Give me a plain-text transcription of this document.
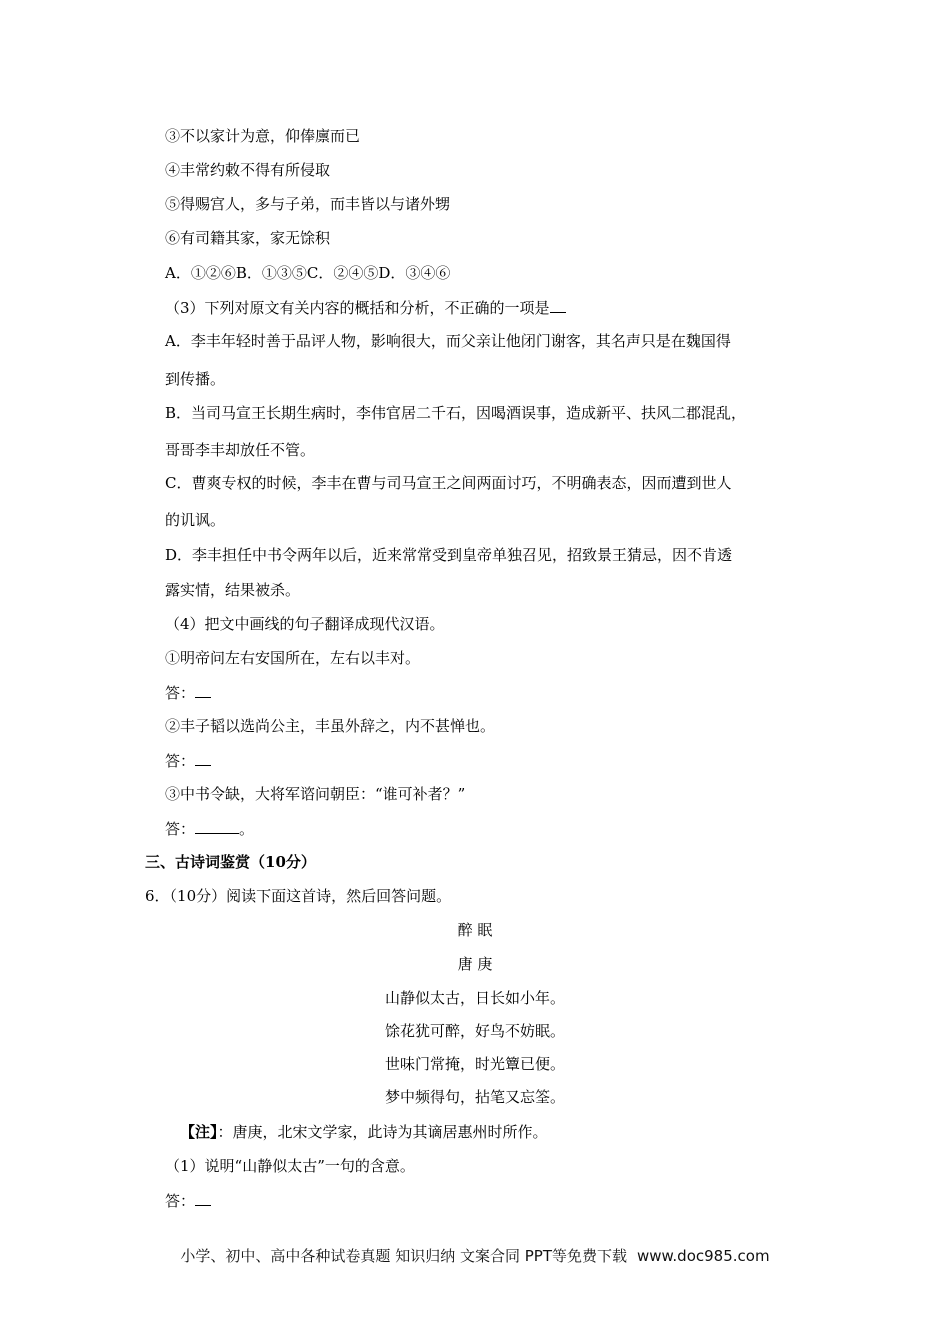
③不以家计为意，仰俸廪而已
④丰常约敕不得有所侵取
⑤得赐宫人，多与子弟，而丰皆以与诸外甥
⑥有司籍其家，家无馀积
A．①②⑥B．①③⑤C．②④⑤D．③④⑥
（3）下列对原文有关内容的概括和分析，不正确的一项是
A．李丰年轻时善于品评人物，影响很大，而父亲让他闭门谢客，其名声只是在魏国得
到传播。
B．当司马宣王长期生病时，李伟官居二千石，因喝酒误事，造成新平、扶风二郡混乱，
哥哥李丰却放任不管。
C．曹爽专权的时候，李丰在曹与司马宣王之间两面讨巧，不明确表态，因而遭到世人
的讥讽。
D．李丰担任中书令两年以后，近来常常受到皇帝单独召见，招致景王猜忌，因不肯透
露实情，结果被杀。
（4）把文中画线的句子翻译成现代汉语。
①明帝问左右安国所在，左右以丰对。
答：
②丰子韬以选尚公主，丰虽外辞之，内不甚惮也。
答：
③中书令缺，大将军谘问朝臣：“谁可补者？”
答：	。
三、古诗词鉴赏（10分）
6．（10分）阅读下面这首诗，然后回答问题。
醉 眠
唐 庚
山静似太古，日长如小年。
馀花犹可醉，好鸟不妨眠。
世味门常掩，时光簟已便。
梦中频得句，拈笔又忘筌。
【注】：唐庚，北宋文学家，此诗为其谪居惠州时所作。
（1）说明“山静似太古”一句的含意。
答：
小学、初中、高中各种试卷真题 知识归纳 文案合同 PPT等免费下载 www.doc985.com
